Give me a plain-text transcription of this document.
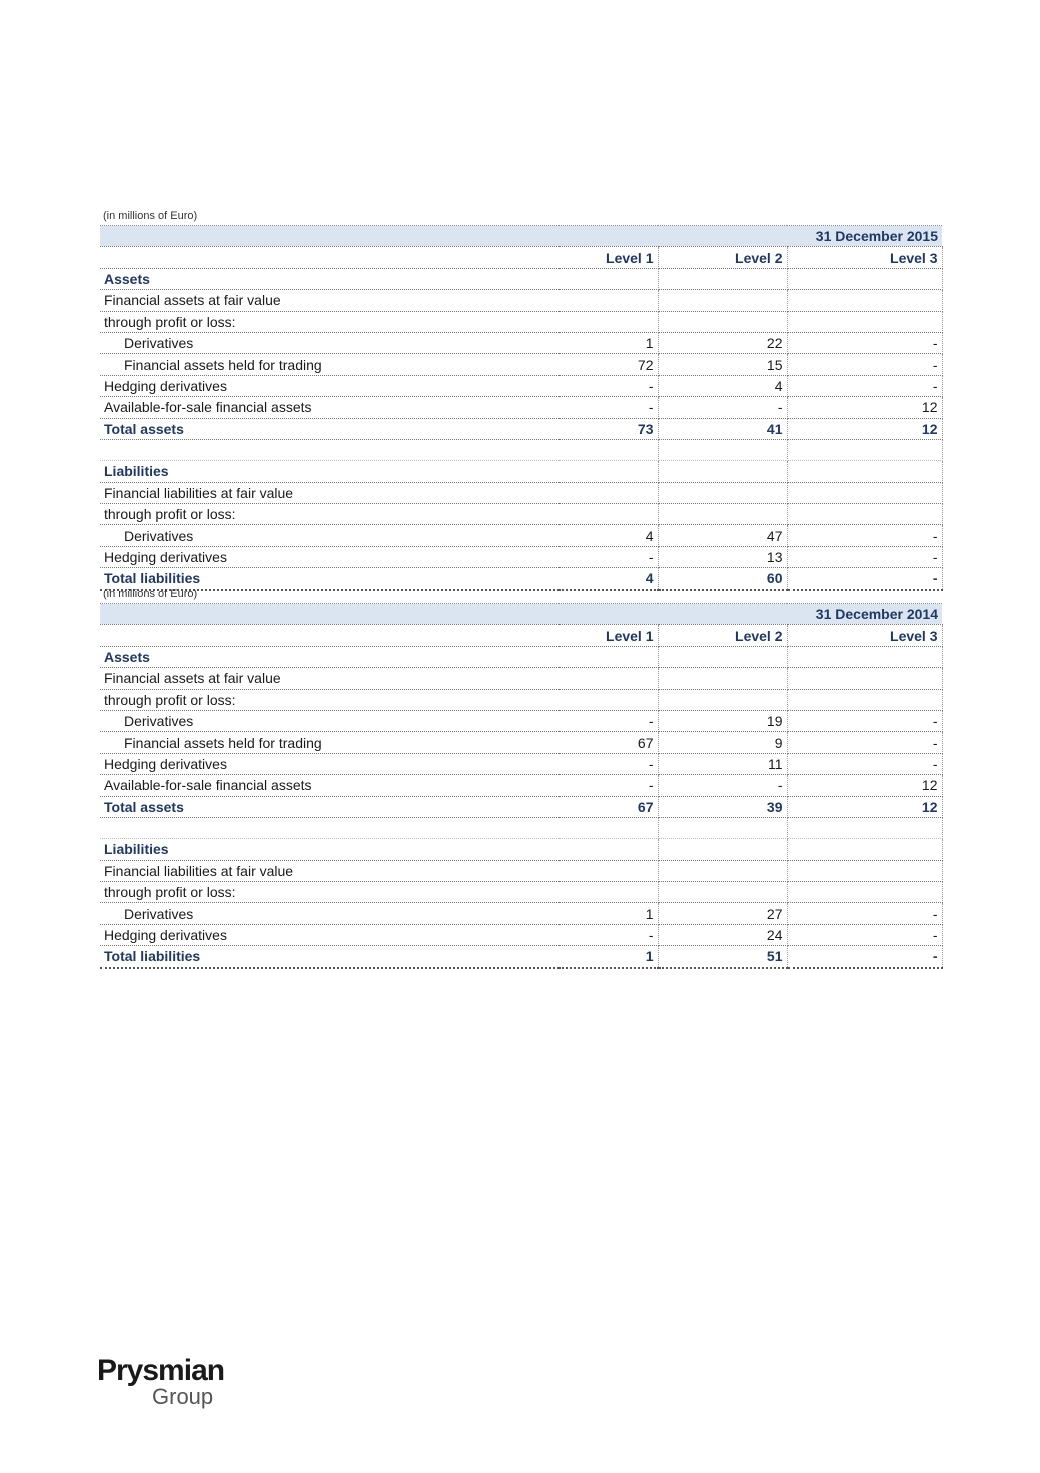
(in millions of Euro)
			31 December 2015	
	Level 1	Level 2	Level 3	
Assets				
Financial assets at fair value				
through profit or loss:				
Derivatives	1	22	-	
Financial assets held for trading	72	15	-	
Hedging derivatives	-	4	-	
Available-for-sale financial assets	-	-	12	
Total assets	73	41	12	

Liabilities				
Financial liabilities at fair value				
through profit or loss:				
Derivatives	4	47	-	
Hedging derivatives	-	13	-	
Total liabilities	4	60	-	
(in millions of Euro)
			31 December 2014	
	Level 1	Level 2	Level 3	
Assets				
Financial assets at fair value				
through profit or loss:				
Derivatives	-	19	-	
Financial assets held for trading	67	9	-	
Hedging derivatives	-	11	-	
Available-for-sale financial assets	-	-	12	
Total assets	67	39	12	

Liabilities				
Financial liabilities at fair value				
through profit or loss:				
Derivatives	1	27	-	
Hedging derivatives	-	24	-	
Total liabilities	1	51	-	
Prysmian
Group
